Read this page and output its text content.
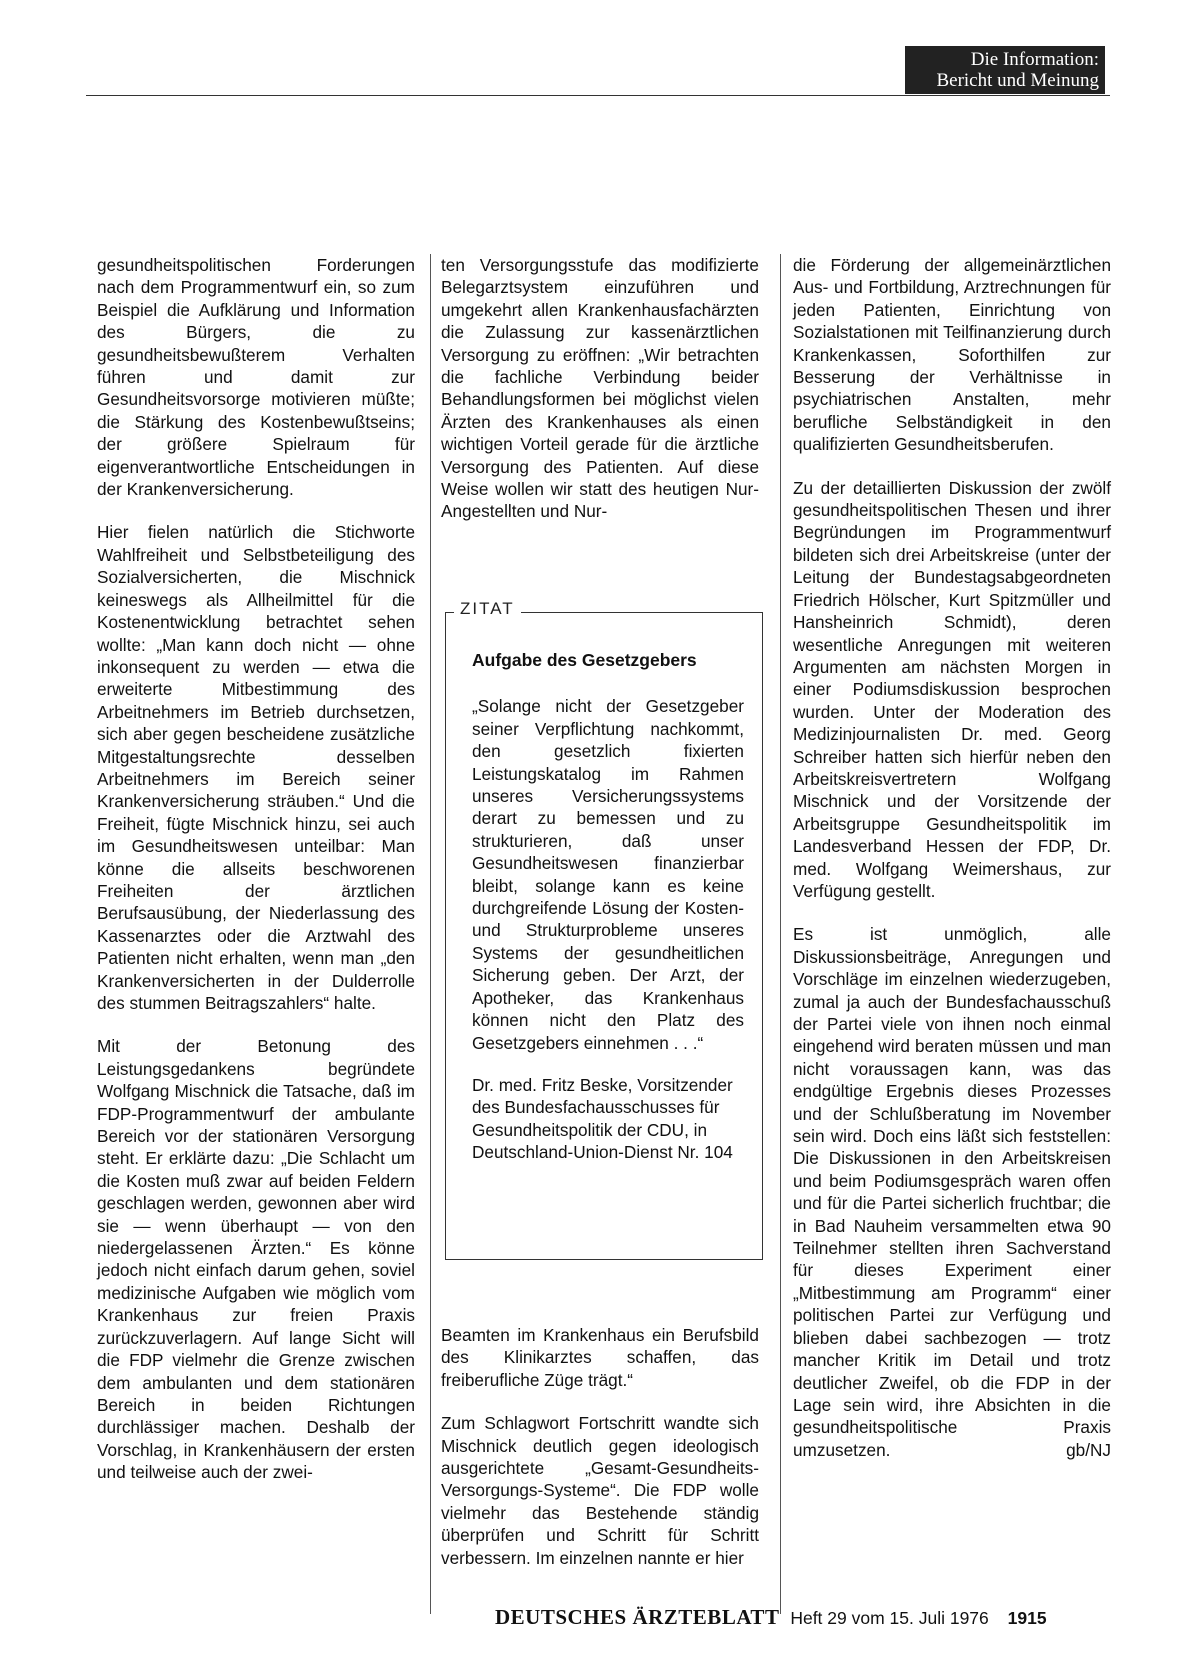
Die Information:
Bericht und Meinung

gesundheitspolitischen Forderungen nach dem Programmentwurf ein, so zum Beispiel die Aufklärung und Information des Bürgers, die zu gesundheitsbewußterem Verhalten führen und damit zur Gesundheitsvorsorge motivieren müßte; die Stärkung des Kostenbewußtseins; der größere Spielraum für eigenverantwortliche Entscheidungen in der Krankenversicherung.

Hier fielen natürlich die Stichworte Wahlfreiheit und Selbstbeteiligung des Sozialversicherten, die Mischnick keineswegs als Allheilmittel für die Kostenentwicklung betrachtet sehen wollte: „Man kann doch nicht — ohne inkonsequent zu werden — etwa die erweiterte Mitbestimmung des Arbeitnehmers im Betrieb durchsetzen, sich aber gegen bescheidene zusätzliche Mitgestaltungsrechte desselben Arbeitnehmers im Bereich seiner Krankenversicherung sträuben.“ Und die Freiheit, fügte Mischnick hinzu, sei auch im Gesundheitswesen unteilbar: Man könne die allseits beschworenen Freiheiten der ärztlichen Berufsausübung, der Niederlassung des Kassenarztes oder die Arztwahl des Patienten nicht erhalten, wenn man „den Krankenversicherten in der Dulderrolle des stummen Beitragszahlers“ halte.

Mit der Betonung des Leistungsgedankens begründete Wolfgang Mischnick die Tatsache, daß im FDP-Programmentwurf der ambulante Bereich vor der stationären Versorgung steht. Er erklärte dazu: „Die Schlacht um die Kosten muß zwar auf beiden Feldern geschlagen werden, gewonnen aber wird sie — wenn überhaupt — von den niedergelassenen Ärzten.“ Es könne jedoch nicht einfach darum gehen, soviel medizinische Aufgaben wie möglich vom Krankenhaus zur freien Praxis zurückzuverlagern. Auf lange Sicht will die FDP vielmehr die Grenze zwischen dem ambulanten und dem stationären Bereich in beiden Richtungen durchlässiger machen. Deshalb der Vorschlag, in Krankenhäusern der ersten und teilweise auch der zwei-

ten Versorgungsstufe das modifizierte Belegarztsystem einzuführen und umgekehrt allen Krankenhausfachärzten die Zulassung zur kassenärztlichen Versorgung zu eröffnen: „Wir betrachten die fachliche Verbindung beider Behandlungsformen bei möglichst vielen Ärzten des Krankenhauses als einen wichtigen Vorteil gerade für die ärztliche Versorgung des Patienten. Auf diese Weise wollen wir statt des heutigen Nur-Angestellten und Nur-

ZITAT
Aufgabe des Gesetzgebers

„Solange nicht der Gesetzgeber seiner Verpflichtung nachkommt, den gesetzlich fixierten Leistungskatalog im Rahmen unseres Versicherungssystems derart zu bemessen und zu strukturieren, daß unser Gesundheitswesen finanzierbar bleibt, solange kann es keine durchgreifende Lösung der Kosten- und Strukturprobleme unseres Systems der gesundheitlichen Sicherung geben. Der Arzt, der Apotheker, das Krankenhaus können nicht den Platz des Gesetzgebers einnehmen . . .“

Dr. med. Fritz Beske, Vorsitzender des Bundesfachausschusses für Gesundheitspolitik der CDU, in Deutschland-Union-Dienst Nr. 104

Beamten im Krankenhaus ein Berufsbild des Klinikarztes schaffen, das freiberufliche Züge trägt.“

Zum Schlagwort Fortschritt wandte sich Mischnick deutlich gegen ideologisch ausgerichtete „Gesamt-Gesundheits-Versorgungs-Systeme“. Die FDP wolle vielmehr das Bestehende ständig überprüfen und Schritt für Schritt verbessern. Im einzelnen nannte er hier

die Förderung der allgemeinärztlichen Aus- und Fortbildung, Arztrechnungen für jeden Patienten, Einrichtung von Sozialstationen mit Teilfinanzierung durch Krankenkassen, Soforthilfen zur Besserung der Verhältnisse in psychiatrischen Anstalten, mehr berufliche Selbständigkeit in den qualifizierten Gesundheitsberufen.

Zu der detaillierten Diskussion der zwölf gesundheitspolitischen Thesen und ihrer Begründungen im Programmentwurf bildeten sich drei Arbeitskreise (unter der Leitung der Bundestagsabgeordneten Friedrich Hölscher, Kurt Spitzmüller und Hansheinrich Schmidt), deren wesentliche Anregungen mit weiteren Argumenten am nächsten Morgen in einer Podiumsdiskussion besprochen wurden. Unter der Moderation des Medizinjournalisten Dr. med. Georg Schreiber hatten sich hierfür neben den Arbeitskreisvertretern Wolfgang Mischnick und der Vorsitzende der Arbeitsgruppe Gesundheitspolitik im Landesverband Hessen der FDP, Dr. med. Wolfgang Weimershaus, zur Verfügung gestellt.

Es ist unmöglich, alle Diskussionsbeiträge, Anregungen und Vorschläge im einzelnen wiederzugeben, zumal ja auch der Bundesfachausschuß der Partei viele von ihnen noch einmal eingehend wird beraten müssen und man nicht voraussagen kann, was das endgültige Ergebnis dieses Prozesses und der Schlußberatung im November sein wird. Doch eins läßt sich feststellen: Die Diskussionen in den Arbeitskreisen und beim Podiumsgespräch waren offen und für die Partei sicherlich fruchtbar; die in Bad Nauheim versammelten etwa 90 Teilnehmer stellten ihren Sachverstand für dieses Experiment einer „Mitbestimmung am Programm“ einer politischen Partei zur Verfügung und blieben dabei sachbezogen — trotz mancher Kritik im Detail und trotz deutlicher Zweifel, ob die FDP in der Lage sein wird, ihre Absichten in die gesundheitspolitische Praxis umzusetzen.	gb/NJ

DEUTSCHES ÄRZTEBLATT Heft 29 vom 15. Juli 1976 1915
